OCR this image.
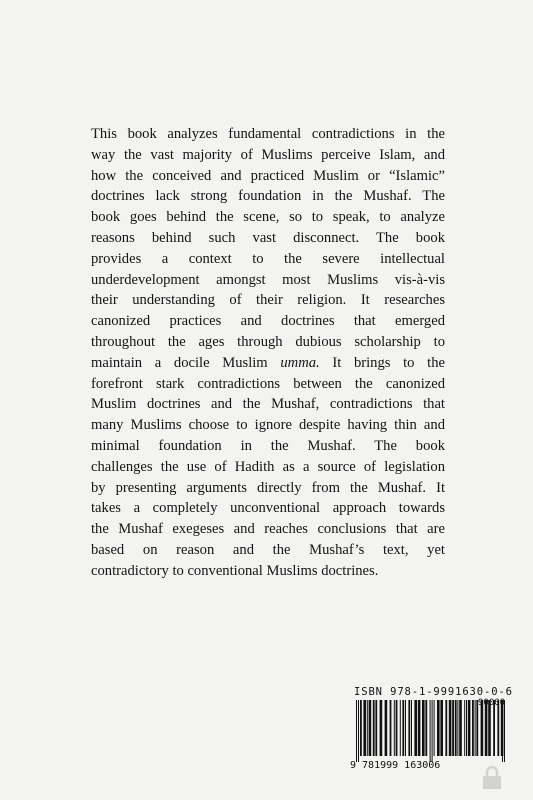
This book analyzes fundamental contradictions in the
way the vast majority of Muslims perceive Islam, and
how the conceived and practiced Muslim or “Islamic”
doctrines lack strong foundation in the Mushaf. The
book goes behind the scene, so to speak, to analyze
reasons behind such vast disconnect. The book
provides a context to the severe intellectual
underdevelopment amongst most Muslims vis-à-vis
their understanding of their religion. It researches
canonized practices and doctrines that emerged
throughout the ages through dubious scholarship to
maintain a docile Muslim umma. It brings to the
forefront stark contradictions between the canonized
Muslim doctrines and the Mushaf, contradictions that
many Muslims choose to ignore despite having thin and
minimal foundation in the Mushaf. The book
challenges the use of Hadith as a source of legislation
by presenting arguments directly from the Mushaf. It
takes a completely unconventional approach towards
the Mushaf exegeses and reaches conclusions that are
based on reason and the Mushaf’s text, yet
contradictory to conventional Muslims doctrines.
ISBN 978-1-9991630-0-6
90000
9 781999 163006
